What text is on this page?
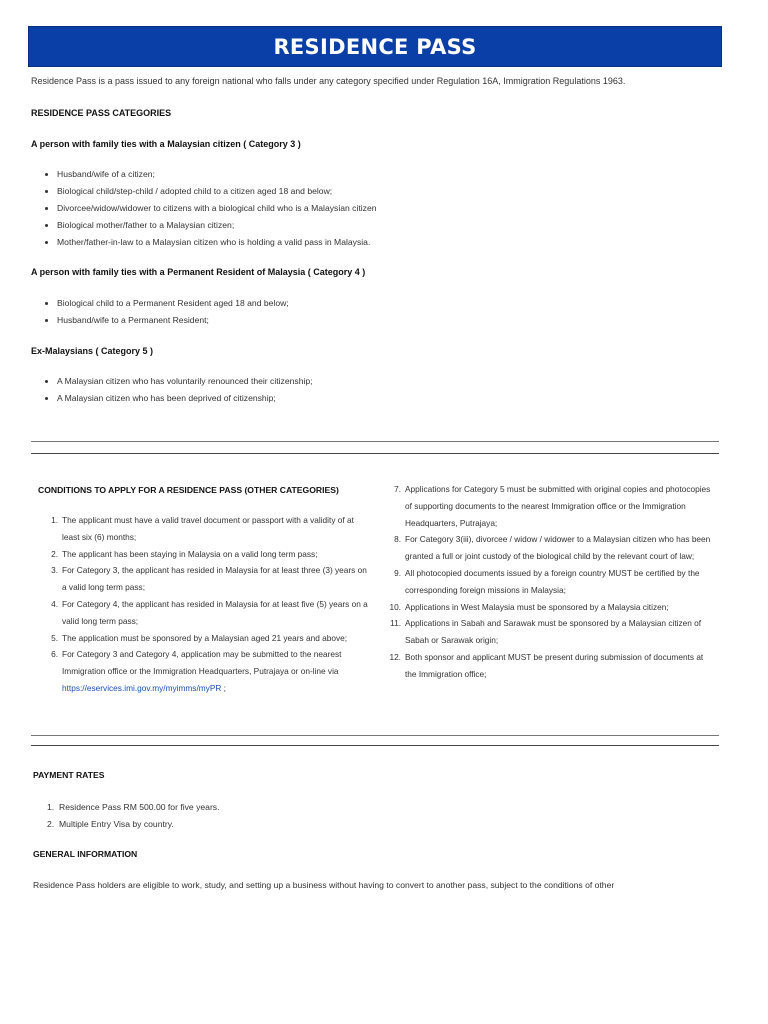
RESIDENCE PASS
Residence Pass is a pass issued to any foreign national who falls under any category specified under Regulation 16A, Immigration Regulations 1963.
RESIDENCE PASS CATEGORIES
A person with family ties with a Malaysian citizen ( Category 3 )
• Husband/wife of a citizen;
• Biological child/step-child / adopted child to a citizen aged 18 and below;
• Divorcee/widow/widower to citizens with a biological child who is a Malaysian citizen
• Biological mother/father to a Malaysian citizen;
• Mother/father-in-law to a Malaysian citizen who is holding a valid pass in Malaysia.
A person with family ties with a Permanent Resident of Malaysia ( Category 4 )
• Biological child to a Permanent Resident aged 18 and below;
• Husband/wife to a Permanent Resident;
Ex-Malaysians ( Category 5 )
• A Malaysian citizen who has voluntarily renounced their citizenship;
• A Malaysian citizen who has been deprived of citizenship;
CONDITIONS TO APPLY FOR A RESIDENCE PASS (OTHER CATEGORIES)
1. The applicant must have a valid travel document or passport with a validity of at least six (6) months;
2. The applicant has been staying in Malaysia on a valid long term pass;
3. For Category 3, the applicant has resided in Malaysia for at least three (3) years on a valid long term pass;
4. For Category 4, the applicant has resided in Malaysia for at least five (5) years on a valid long term pass;
5. The application must be sponsored by a Malaysian aged 21 years and above;
6. For Category 3 and Category 4, application may be submitted to the nearest Immigration office or the Immigration Headquarters, Putrajaya or on-line via https://eservices.imi.gov.my/myimms/myPR ;
7. Applications for Category 5 must be submitted with original copies and photocopies of supporting documents to the nearest Immigration office or the Immigration Headquarters, Putrajaya;
8. For Category 3(iii), divorcee / widow / widower to a Malaysian citizen who has been granted a full or joint custody of the biological child by the relevant court of law;
9. All photocopied documents issued by a foreign country MUST be certified by the corresponding foreign missions in Malaysia;
10. Applications in West Malaysia must be sponsored by a Malaysia citizen;
11. Applications in Sabah and Sarawak must be sponsored by a Malaysian citizen of Sabah or Sarawak origin;
12. Both sponsor and applicant MUST be present during submission of documents at the Immigration office;
PAYMENT RATES
1. Residence Pass RM 500.00 for five years.
2. Multiple Entry Visa by country.
GENERAL INFORMATION
Residence Pass holders are eligible to work, study, and setting up a business without having to convert to another pass, subject to the conditions of other
